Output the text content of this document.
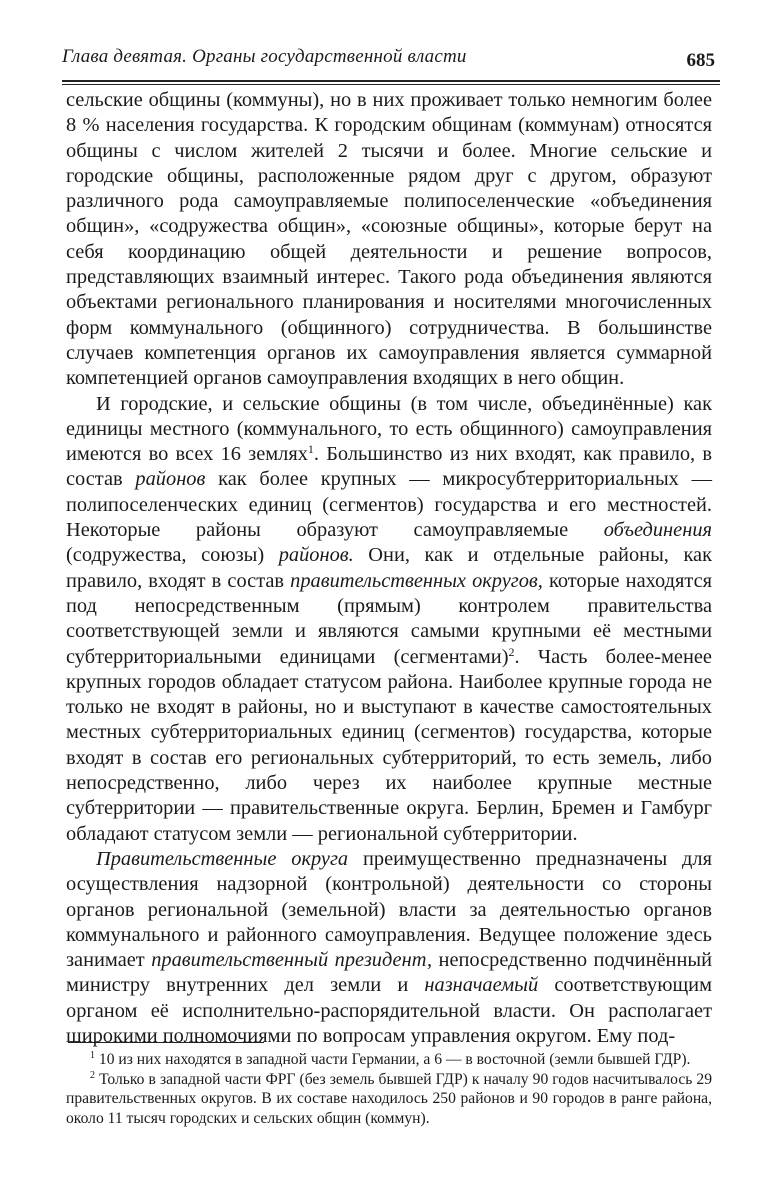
Глава девятая. Органы государственной власти	685

сельские общины (коммуны), но в них проживает только немногим более 8 % населения государства. К городским общинам (коммунам) относятся общины с числом жителей 2 тысячи и более. Многие сельские и городские общины, расположенные рядом друг с другом, образуют различного рода самоуправляемые полипоселенческие «объединения общин», «содружества общин», «союзные общины», которые берут на себя координацию общей деятельности и решение вопросов, представляющих взаимный интерес. Такого рода объединения являются объектами регионального планирования и носителями многочисленных форм коммунального (общинного) сотрудничества. В большинстве случаев компетенция органов их самоуправления является суммарной компетенцией органов самоуправления входящих в него общин.

И городские, и сельские общины (в том числе, объединённые) как единицы местного (коммунального, то есть общинного) самоуправления имеются во всех 16 землях$^1$. Большинство из них входят, как правило, в состав районов как более крупных — микросубтерриториальных — полипоселенческих единиц (сегментов) государства и его местностей. Некоторые районы образуют самоуправляемые объединения (содружества, союзы) районов. Они, как и отдельные районы, как правило, входят в состав правительственных округов, которые находятся под непосредственным (прямым) контролем правительства соответствующей земли и являются самыми крупными её местными субтерриториальными единицами (сегментами)$^2$. Часть более-менее крупных городов обладает статусом района. Наиболее крупные города не только не входят в районы, но и выступают в качестве самостоятельных местных субтерриториальных единиц (сегментов) государства, которые входят в состав его региональных субтерриторий, то есть земель, либо непосредственно, либо через их наиболее крупные местные субтерритории — правительственные округа. Берлин, Бремен и Гамбург обладают статусом земли — региональной субтерритории.

Правительственные округа преимущественно предназначены для осуществления надзорной (контрольной) деятельности со стороны органов региональной (земельной) власти за деятельностью органов коммунального и районного самоуправления. Ведущее положение здесь занимает правительственный президент, непосредственно подчинённый министру внутренних дел земли и назначаемый соответствующим органом её исполнительно-распорядительной власти. Он располагает широкими полномочиями по вопросам управления округом. Ему под-

$^1$ 10 из них находятся в западной части Германии, а 6 — в восточной (земли бывшей ГДР).

$^2$ Только в западной части ФРГ (без земель бывшей ГДР) к началу 90 годов насчитывалось 29 правительственных округов. В их составе находилось 250 районов и 90 городов в ранге района, около 11 тысяч городских и сельских общин (коммун).
